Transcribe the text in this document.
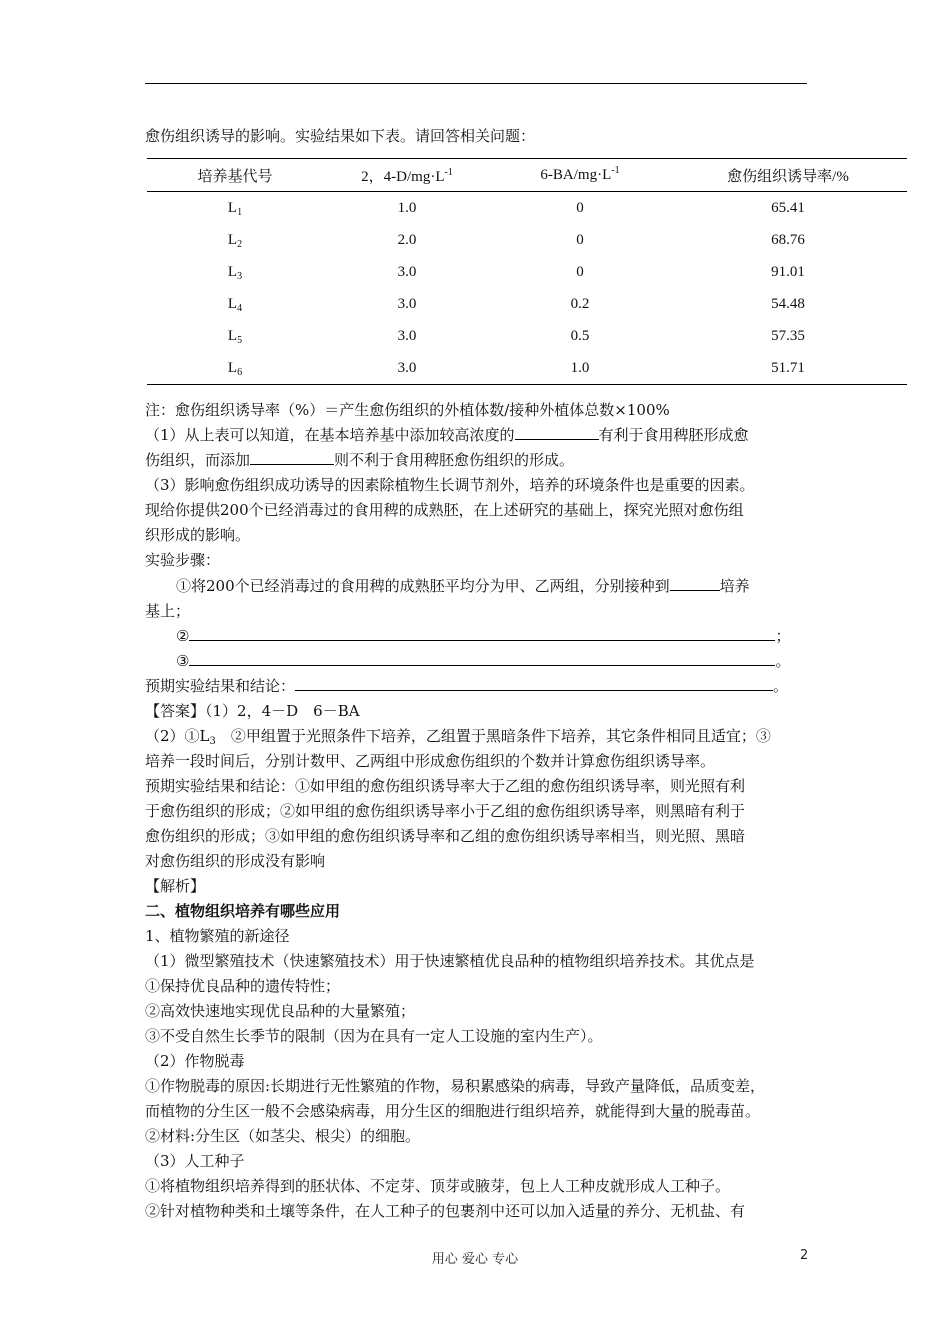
愈伤组织诱导的影响。实验结果如下表。请回答相关问题：
培养基代号	2，$4-D/mg\cdot L^{-1}$	$6-BA/mg\cdot L^{-1}$	愈伤组织诱导率/%
$L_1$	1.0	0	65.41
$L_2$	2.0	0	68.76
$L_3$	3.0	0	91.01
$L_4$	3.0	0.2	54.48
$L_5$	3.0	0.5	57.35
$L_6$	3.0	1.0	51.71
注：愈伤组织诱导率（%）＝产生愈伤组织的外植体数/接种外植体总数×100%
（1）从上表可以知道，在基本培养基中添加较高浓度的	有利于食用稗胚形成愈
伤组织，而添加	则不利于食用稗胚愈伤组织的形成。
（3）影响愈伤组织成功诱导的因素除植物生长调节剂外，培养的环境条件也是重要的因素。
现给你提供200个已经消毒过的食用稗的成熟胚，在上述研究的基础上，探究光照对愈伤组
织形成的影响。
实验步骤：
①将200个已经消毒过的食用稗的成熟胚平均分为甲、乙两组，分别接种到	培养
基上；
②	；
③	。
预期实验结果和结论：	。
【答案】（1）2，4－D　6－BA
$(2)①L_3$　②甲组置于光照条件下培养，乙组置于黑暗条件下培养，其它条件相同且适宜；③
培养一段时间后，分别计数甲、乙两组中形成愈伤组织的个数并计算愈伤组织诱导率。
预期实验结果和结论：①如甲组的愈伤组织诱导率大于乙组的愈伤组织诱导率，则光照有利
于愈伤组织的形成；②如甲组的愈伤组织诱导率小于乙组的愈伤组织诱导率，则黑暗有利于
愈伤组织的形成；③如甲组的愈伤组织诱导率和乙组的愈伤组织诱导率相当，则光照、黑暗
对愈伤组织的形成没有影响
【解析】
二、植物组织培养有哪些应用
1、植物繁殖的新途径
（1）微型繁殖技术（快速繁殖技术）用于快速繁植优良品种的植物组织培养技术。其优点是
①保持优良品种的遗传特性；
②高效快速地实现优良品种的大量繁殖；
③不受自然生长季节的限制（因为在具有一定人工设施的室内生产）。
（2）作物脱毒
①作物脱毒的原因:长期进行无性繁殖的作物，易积累感染的病毒，导致产量降低，品质变差，
而植物的分生区一般不会感染病毒，用分生区的细胞进行组织培养，就能得到大量的脱毒苗。
②材料:分生区（如茎尖、根尖）的细胞。
（3）人工种子
①将植物组织培养得到的胚状体、不定芽、顶芽或腋芽，包上人工种皮就形成人工种子。
②针对植物种类和土壤等条件，在人工种子的包裹剂中还可以加入适量的养分、无机盐、有
用心 爱心 专心	2
